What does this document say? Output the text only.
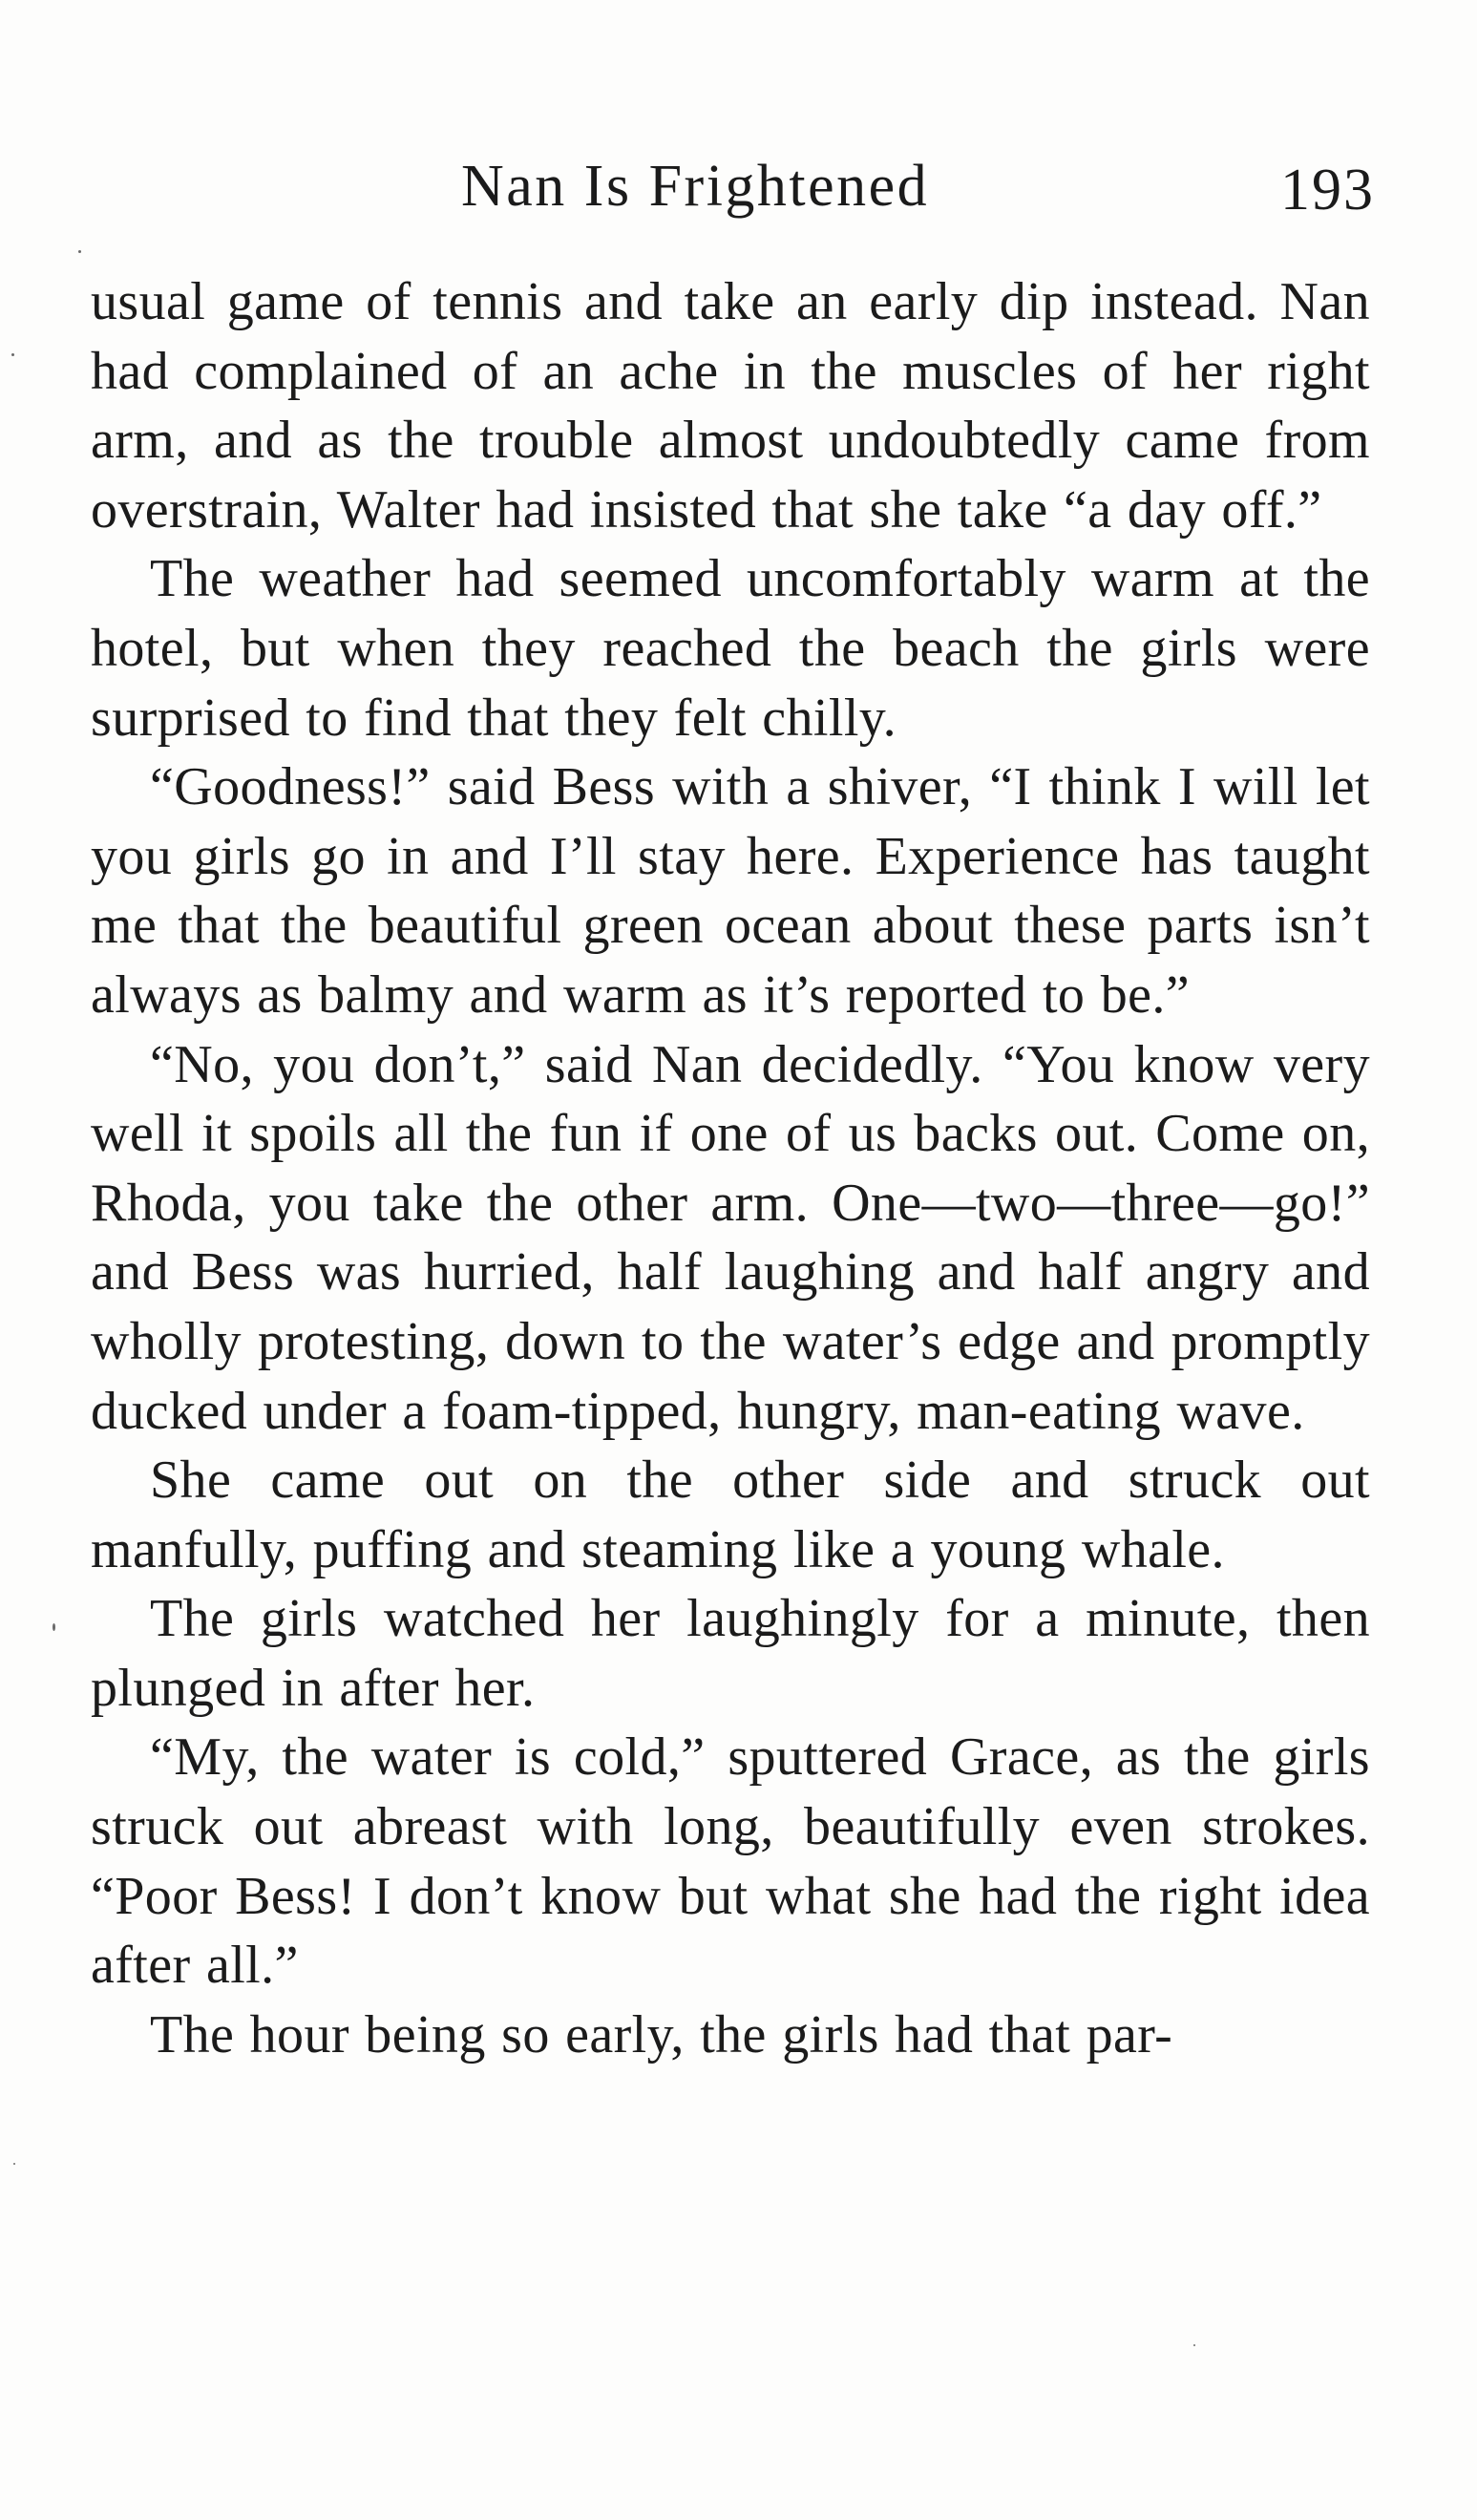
Nan Is Frightened	193

usual game of tennis and take an early dip instead. Nan had complained of an ache in the muscles of her right arm, and as the trouble almost undoubtedly came from overstrain, Walter had insisted that she take “a day off.”

The weather had seemed uncomfortably warm at the hotel, but when they reached the beach the girls were surprised to find that they felt chilly.

“Goodness!” said Bess with a shiver, “I think I will let you girls go in and I’ll stay here. Experience has taught me that the beautiful green ocean about these parts isn’t always as balmy and warm as it’s reported to be.”

“No, you don’t,” said Nan decidedly. “You know very well it spoils all the fun if one of us backs out. Come on, Rhoda, you take the other arm. One—two—three—go!” and Bess was hurried, half laughing and half angry and wholly protesting, down to the water’s edge and promptly ducked under a foam-tipped, hungry, man-eating wave.

She came out on the other side and struck out manfully, puffing and steaming like a young whale.

The girls watched her laughingly for a minute, then plunged in after her.

“My, the water is cold,” sputtered Grace, as the girls struck out abreast with long, beautifully even strokes. “Poor Bess! I don’t know but what she had the right idea after all.”

The hour being so early, the girls had that par-
